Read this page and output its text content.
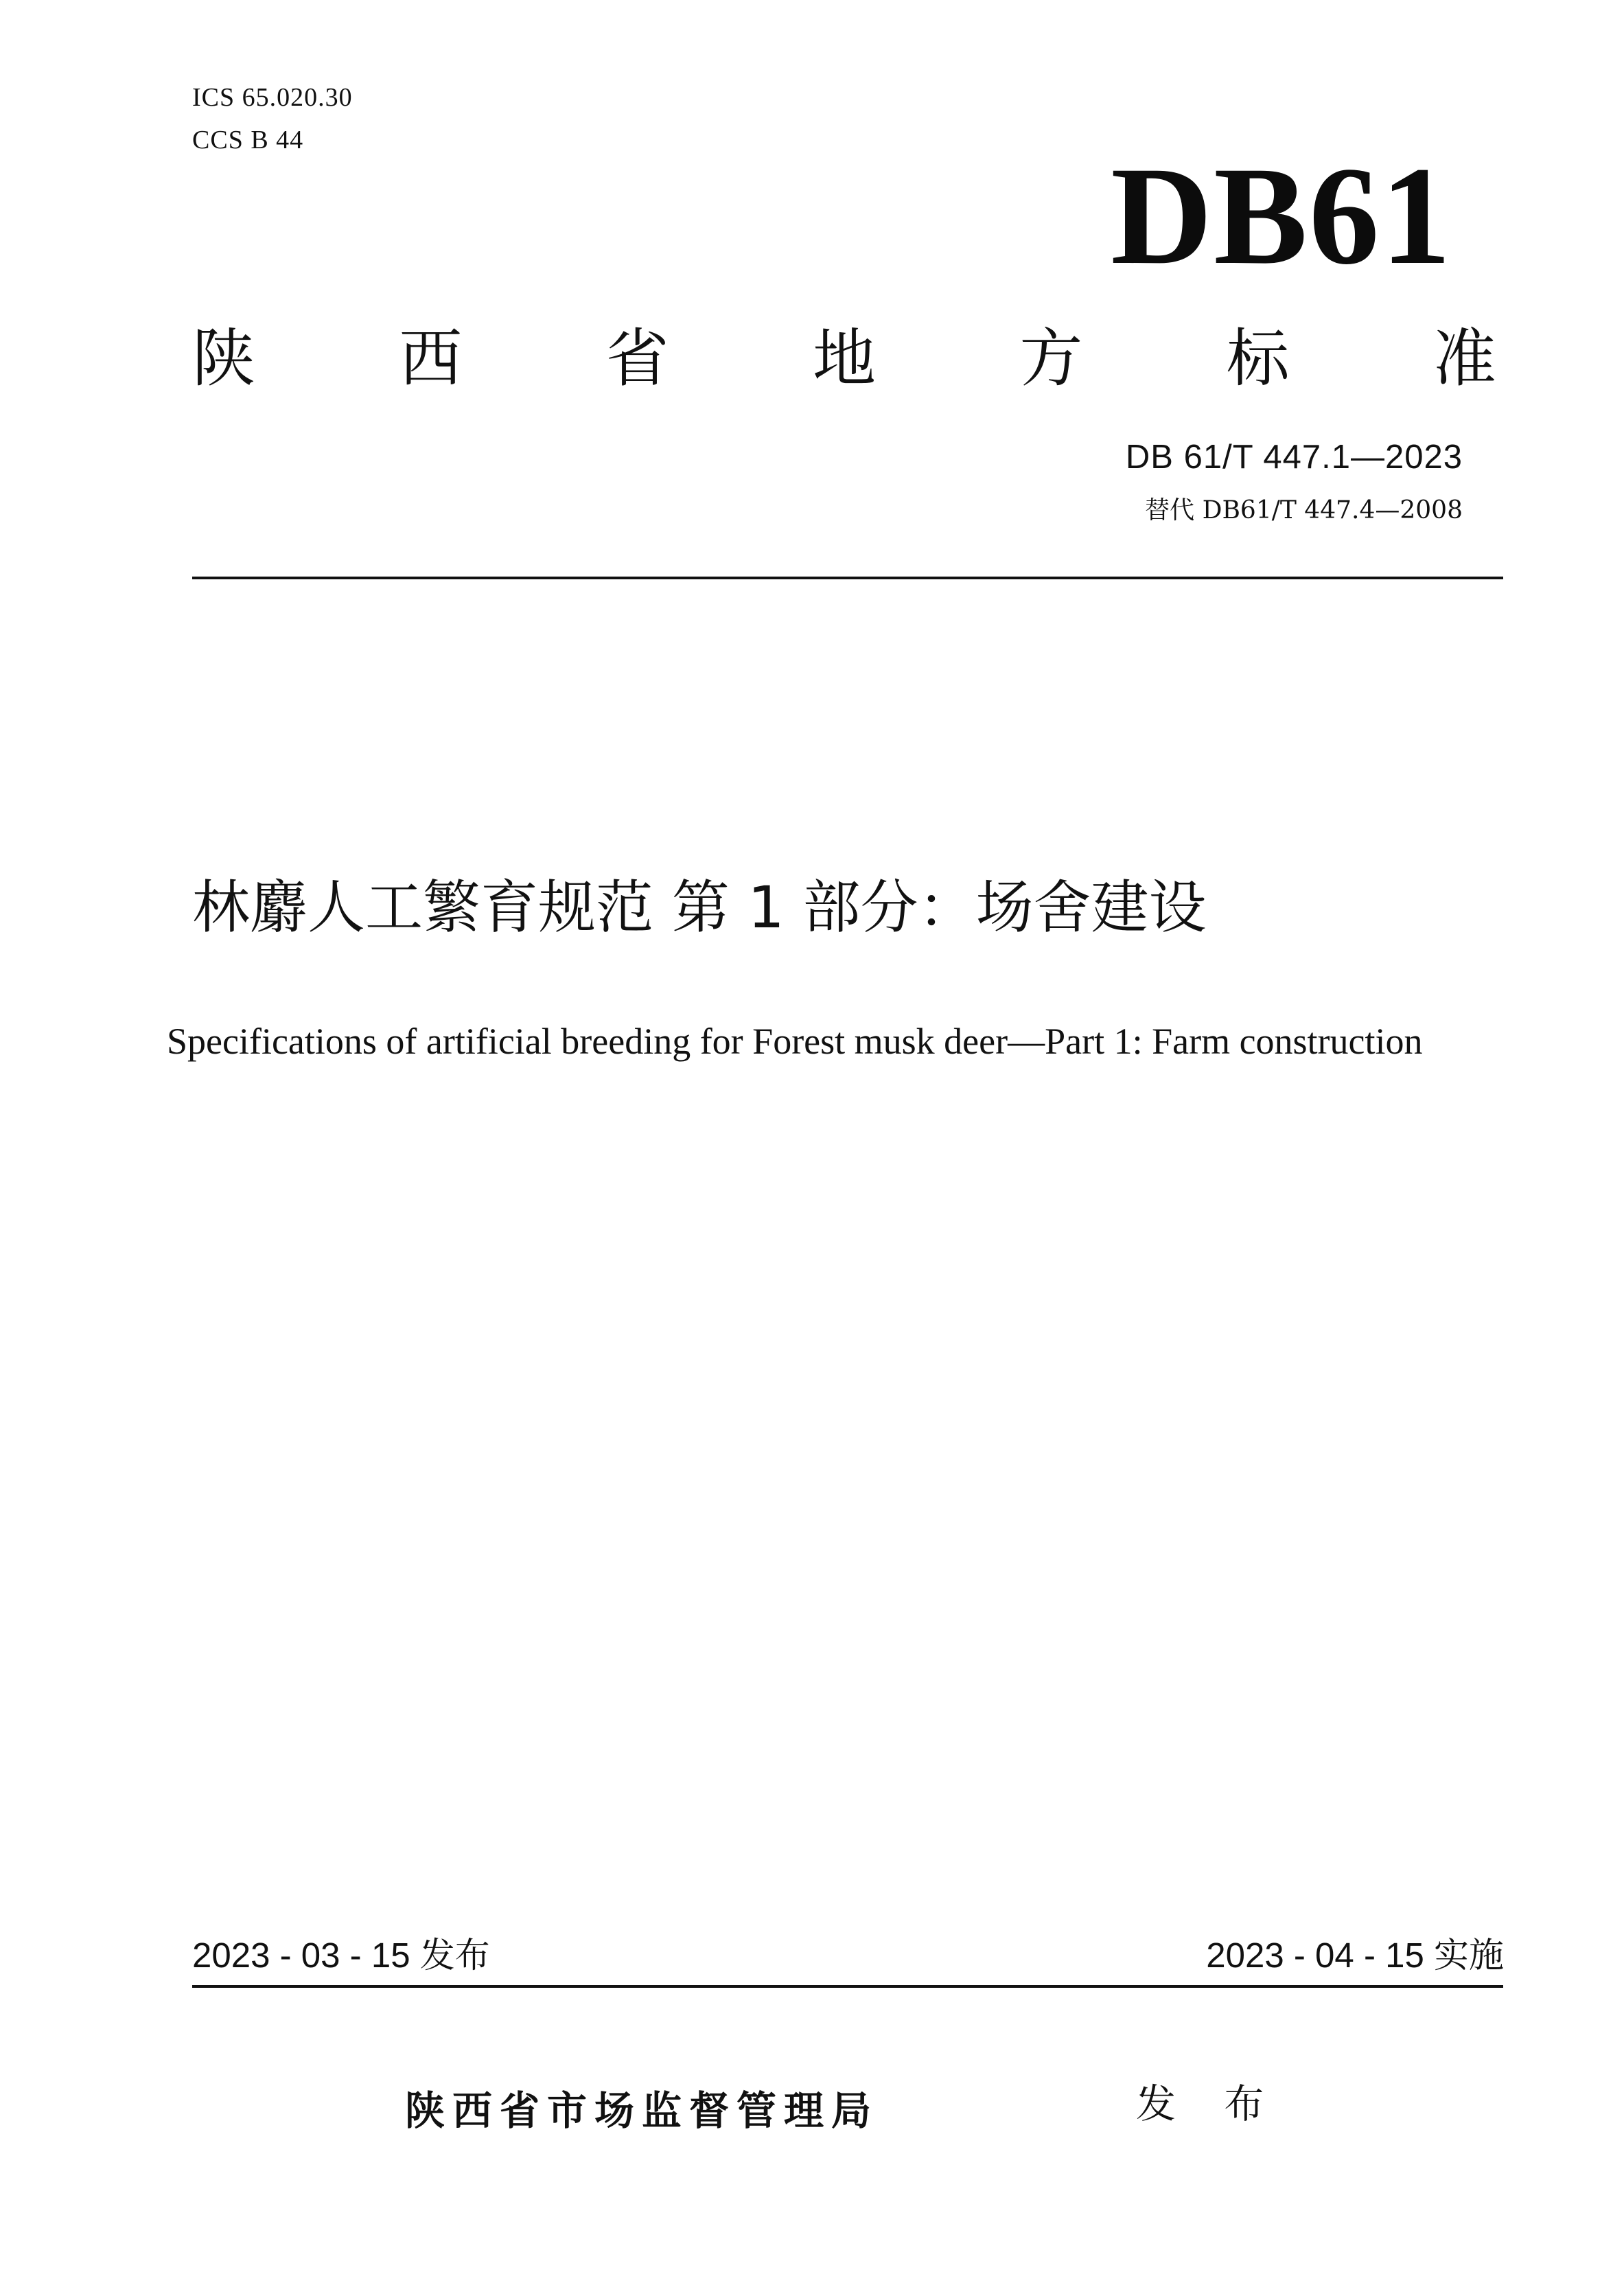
ICS 65.020.30
CCS B 44	DB61
陕 西 省 地 方 标 准
DB 61/T 447.1—2023
替代 DB61/T 447.4—2008
林麝人工繁育规范 第 1 部分：场舍建设
Specifications of artificial breeding for Forest musk deer—Part 1: Farm construction
2023 - 03 - 15 发布	2023 - 04 - 15 实施
陕西省市场监督管理局	发 布
